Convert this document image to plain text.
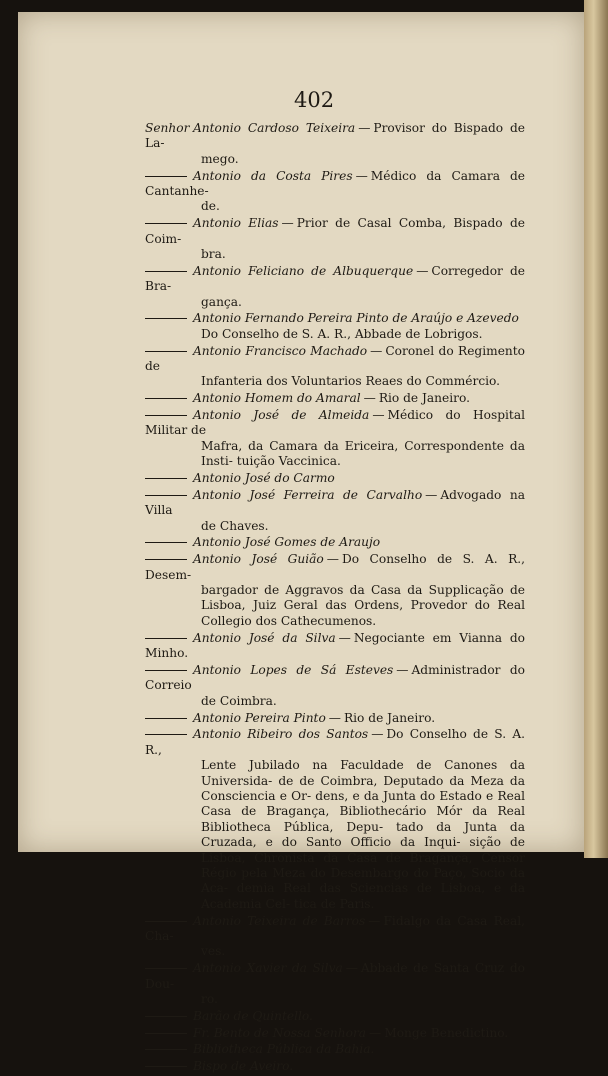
402
Senhor Antonio Cardoso Teixeira — Provisor do Bispado de La-
mego.
Antonio da Costa Pires — Médico da Camara de Cantanhe-
de.
Antonio Elias — Prior de Casal Comba, Bispado de Coim-
bra.
Antonio Feliciano de Albuquerque — Corregedor de Bra-
gança.
Antonio Fernando Pereira Pinto de Araújo e Azevedo
Do Conselho de S. A. R., Abbade de Lobrigos.
Antonio Francisco Machado — Coronel do Regimento de
Infanteria dos Voluntarios Reaes do Commércio.
Antonio Homem do Amaral — Rio de Janeiro.
Antonio José de Almeida — Médico do Hospital Militar de
Mafra, da Camara da Ericeira, Correspondente da Insti- tuição Vaccinica.
Antonio José do Carmo
Antonio José Ferreira de Carvalho — Advogado na Villa
de Chaves.
Antonio José Gomes de Araujo
Antonio José Guião — Do Conselho de S. A. R., Desem-
bargador de Aggravos da Casa da Supplicação de Lisboa, Juiz Geral das Ordens, Provedor do Real Collegio dos Cathecumenos.
Antonio José da Silva — Negociante em Vianna do Minho.
Antonio Lopes de Sá Esteves — Administrador do Correio
de Coimbra.
Antonio Pereira Pinto — Rio de Janeiro.
Antonio Ribeiro dos Santos — Do Conselho de S. A. R.,
Lente Jubilado na Faculdade de Canones da Universida- de de Coimbra, Deputado da Meza da Consciencia e Or- dens, e da Junta do Estado e Real Casa de Bragança, Bibliothecário Mór da Real Bibliotheca Pública, Depu- tado da Junta da Cruzada, e do Santo Officio da Inqui- sição de Lisboa, Chronista da Casa de Bragança, Censor Régio pela Meza do Desembargo do Paço, Socio da Aca- demia Real das Sciencias de Lisboa, e da Academia Cel- tica de Paris.
Antonio Teixeira de Barros — Fidalgo da Casa Real, Cha-
ves.
Antonio Xavier da Silva — Abbade de Santa Cruz do Dou-
ro.
Barão de Quintello.
Fr. Bento de Nossa Senhora — Monge Benedictino.
Bibliotheca Pública da Bahia.
Bispo de Aveiro.
